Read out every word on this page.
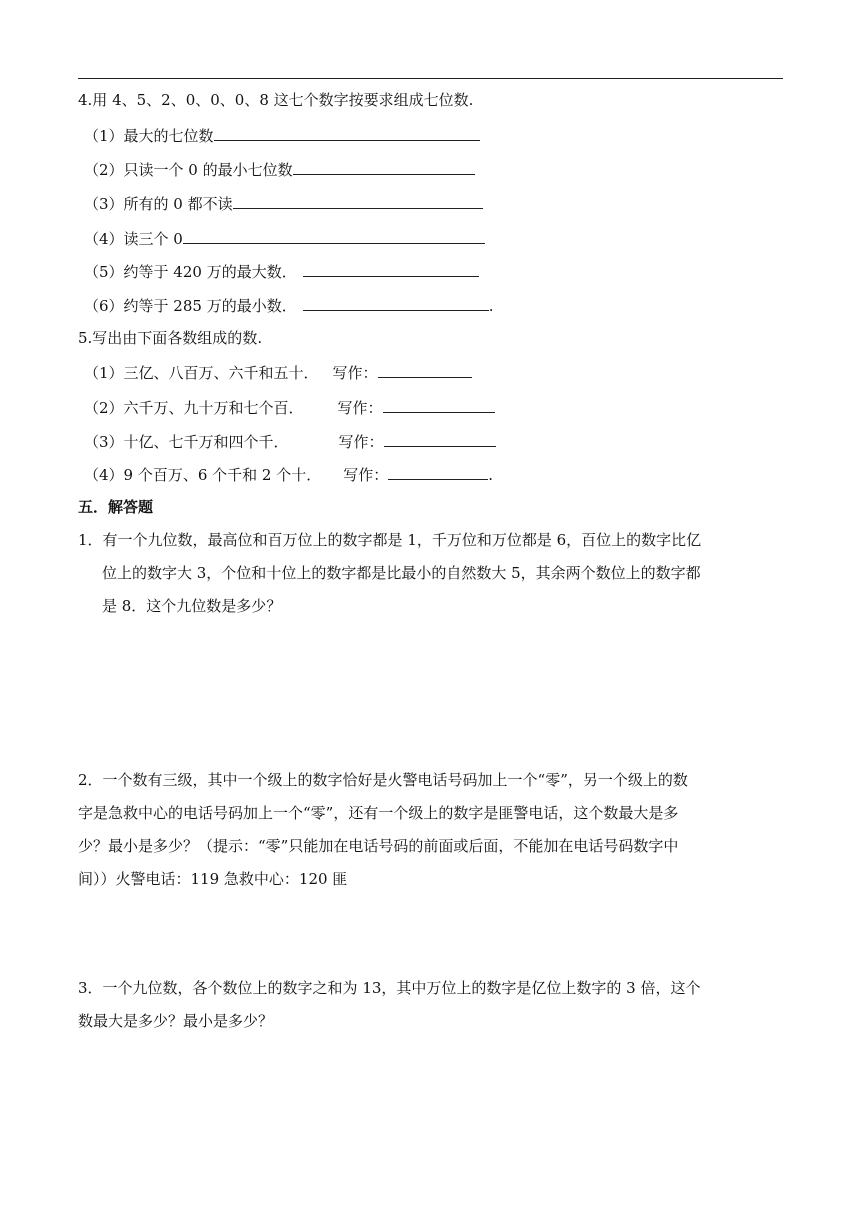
4.用 4、5、2、0、0、0、8 这七个数字按要求组成七位数.
（1）最大的七位数
（2）只读一个 0 的最小七位数
（3）所有的 0 都不读
（4）读三个 0
（5）约等于 420 万的最大数．
（6）约等于 285 万的最小数．	.
5.写出由下面各数组成的数.
（1）三亿、八百万、六千和五十． 写作：
（2）六千万、九十万和七个百． 写作：
（3）十亿、七千万和四个千．	写作：
（4）9 个百万、6 个千和 2 个十． 写作：	.
五．解答题
1．有一个九位数，最高位和百万位上的数字都是 1，千万位和万位都是 6，百位上的数字比亿
位上的数字大 3，个位和十位上的数字都是比最小的自然数大 5，其余两个数位上的数字都
是 8．这个九位数是多少？
2．一个数有三级，其中一个级上的数字恰好是火警电话号码加上一个“零”，另一个级上的数
字是急救中心的电话号码加上一个“零”，还有一个级上的数字是匪警电话，这个数最大是多
少？最小是多少？（提示：“零”只能加在电话号码的前面或后面，不能加在电话号码数字中
间））火警电话：119 急救中心：120 匪
3．一个九位数，各个数位上的数字之和为 13，其中万位上的数字是亿位上数字的 3 倍，这个
数最大是多少？最小是多少？
